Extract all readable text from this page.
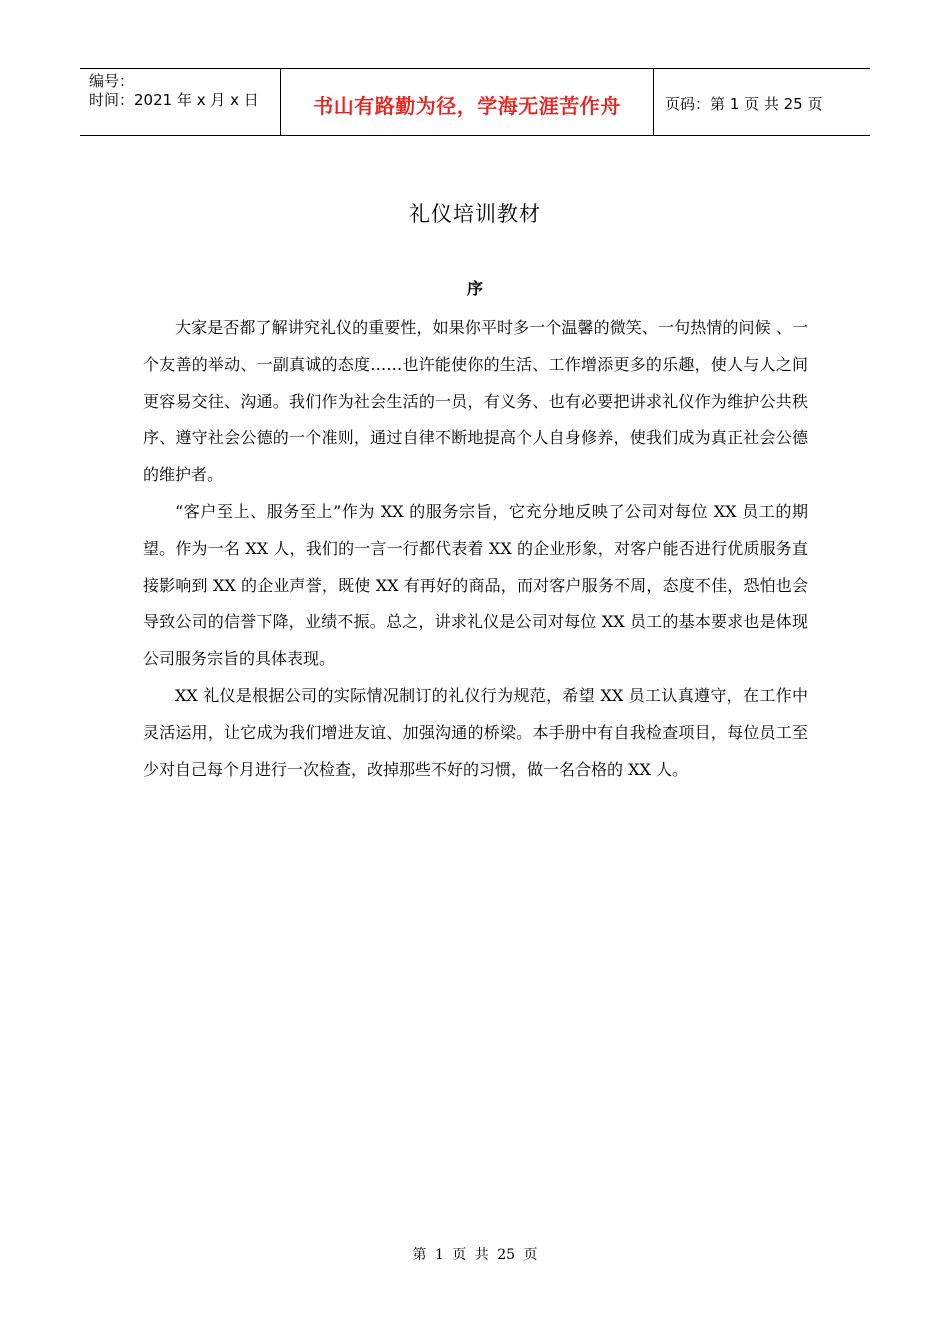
编号：
时间：2021 年 x 月 x 日	书山有路勤为径，学海无涯苦作舟	页码：第 1 页 共 25 页
礼仪培训教材
序

大家是否都了解讲究礼仪的重要性，如果你平时多一个温馨的微笑、一句热情的问候 、一个友善的举动、一副真诚的态度……也许能使你的生活、工作增添更多的乐趣，使人与人之间更容易交往、沟通。我们作为社会生活的一员，有义务、也有必要把讲求礼仪作为维护公共秩序、遵守社会公德的一个准则，通过自律不断地提高个人自身修养，使我们成为真正社会公德的维护者。

“客户至上、服务至上”作为 XX 的服务宗旨，它充分地反映了公司对每位 XX 员工的期望。作为一名 XX 人，我们的一言一行都代表着 XX 的企业形象，对客户能否进行优质服务直接影响到 XX 的企业声誉，既使 XX 有再好的商品，而对客户服务不周，态度不佳，恐怕也会导致公司的信誉下降，业绩不振。总之，讲求礼仪是公司对每位 XX 员工的基本要求也是体现公司服务宗旨的具体表现。

XX 礼仪是根据公司的实际情况制订的礼仪行为规范，希望 XX 员工认真遵守，在工作中灵活运用，让它成为我们增进友谊、加强沟通的桥梁。本手册中有自我检查项目，每位员工至少对自己每个月进行一次检查，改掉那些不好的习惯，做一名合格的 XX 人。

第 1 页 共 25 页
